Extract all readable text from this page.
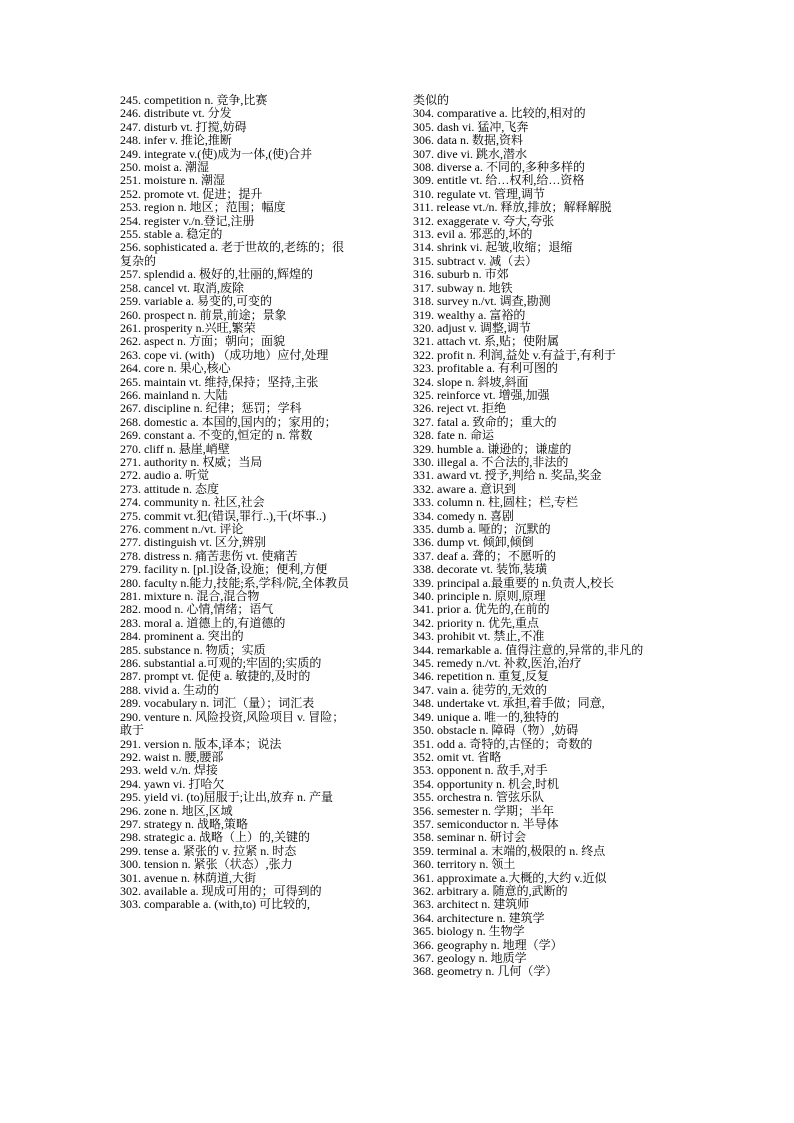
245. competition n. 竞争,比赛

246. distribute vt. 分发

247. disturb vt. 打搅,妨碍

248. infer v. 推论,推断

249. integrate v.(使)成为一体,(使)合并

250. moist a. 潮湿

251. moisture n. 潮湿

252. promote vt. 促进；提升

253. region n. 地区；范围；幅度

254. register v./n.登记,注册

255. stable a. 稳定的

256. sophisticated a. 老于世故的,老练的；很复杂的

257. splendid a. 极好的,壮丽的,辉煌的

258. cancel vt. 取消,废除

259. variable a. 易变的,可变的

260. prospect n. 前景,前途；景象

261. prosperity n.兴旺,繁荣

262. aspect n. 方面；朝向；面貌

263. cope vi. (with) （成功地）应付,处理

264. core n. 果心,核心

265. maintain vt. 维持,保持；坚持,主张

266. mainland n. 大陆

267. discipline n. 纪律；惩罚；学科

268. domestic a. 本国的,国内的；家用的；

269. constant a. 不变的,恒定的 n. 常数

270. cliff n. 悬崖,峭壁

271. authority n. 权威；当局

272. audio a. 听觉

273. attitude n. 态度

274. community n. 社区,社会

275. commit vt.犯(错误,罪行..),干(坏事..)

276. comment n./vt. 评论

277. distinguish vt. 区分,辨别

278. distress n. 痛苦悲伤 vt. 使痛苦

279. facility n. [pl.]设备,设施；便利,方便

280. faculty n.能力,技能;系,学科/院,全体教员

281. mixture n. 混合,混合物

282. mood n. 心情,情绪；语气

283. moral a. 道德上的,有道德的

284. prominent a. 突出的

285. substance n. 物质；实质

286. substantial a.可观的;牢固的;实质的

287. prompt vt. 促使 a. 敏捷的,及时的

288. vivid a. 生动的

289. vocabulary n. 词汇（量）；词汇表

290. venture n. 风险投资,风险项目 v. 冒险；敢于

291. version n. 版本,译本；说法

292. waist n. 腰,腰部

293. weld v./n. 焊接

294. yawn vi. 打哈欠

295. yield vi. (to)屈服于;让出,放弃 n. 产量

296. zone n. 地区,区域

297. strategy n. 战略,策略

298. strategic a. 战略（上）的,关键的

299. tense a. 紧张的 v. 拉紧 n. 时态

300. tension n. 紧张（状态）,张力

301. avenue n. 林荫道,大街

302. available a. 现成可用的；可得到的

303. comparable a. (with,to) 可比较的,

类似的

304. comparative a. 比较的,相对的

305. dash vi. 猛冲,飞奔

306. data n. 数据,资料

307. dive vi. 跳水,潜水

308. diverse a. 不同的,多种多样的

309. entitle vt. 给…权利,给…资格

310. regulate vt. 管理,调节

311. release vt./n. 释放,排放；解释解脱

312. exaggerate v. 夸大,夸张

313. evil a. 邪恶的,坏的

314. shrink vi. 起皱,收缩；退缩

315. subtract v. 减（去）

316. suburb n. 市郊

317. subway n. 地铁

318. survey n./vt. 调查,勘测

319. wealthy a. 富裕的

320. adjust v. 调整,调节

321. attach vt. 系,贴；使附属

322. profit n. 利润,益处 v.有益于,有利于

323. profitable a. 有利可图的

324. slope n. 斜坡,斜面

325. reinforce vt. 增强,加强

326. reject vt. 拒绝

327. fatal a. 致命的；重大的

328. fate n. 命运

329. humble a. 谦逊的；谦虚的

330. illegal a. 不合法的,非法的

331. award vt. 授予,判给 n. 奖品,奖金

332. aware a. 意识到

333. column n. 柱,圆柱；栏,专栏

334. comedy n. 喜剧

335. dumb a. 哑的；沉默的

336. dump vt. 倾卸,倾倒

337. deaf a. 聋的；不愿听的

338. decorate vt. 装饰,装璜

339. principal a.最重要的 n.负责人,校长

340. principle n. 原则,原理

341. prior a. 优先的,在前的

342. priority n. 优先,重点

343. prohibit vt. 禁止,不准

344. remarkable a. 值得注意的,异常的,非凡的

345. remedy n./vt. 补救,医治,治疗

346. repetition n. 重复,反复

347. vain a. 徒劳的,无效的

348. undertake vt. 承担,着手做；同意,

349. unique a. 唯一的,独特的

350. obstacle n. 障碍（物）,妨碍

351. odd a. 奇特的,古怪的；奇数的

352. omit vt. 省略

353. opponent n. 敌手,对手

354. opportunity n. 机会,时机

355. orchestra n. 管弦乐队

356. semester n. 学期；半年

357. semiconductor n. 半导体

358. seminar n. 研讨会

359. terminal a. 末端的,极限的 n. 终点

360. territory n. 领土

361. approximate a.大概的,大约 v.近似

362. arbitrary a. 随意的,武断的

363. architect n. 建筑师

364. architecture n. 建筑学

365. biology n. 生物学

366. geography n. 地理（学）

367. geology n. 地质学

368. geometry n. 几何（学）
